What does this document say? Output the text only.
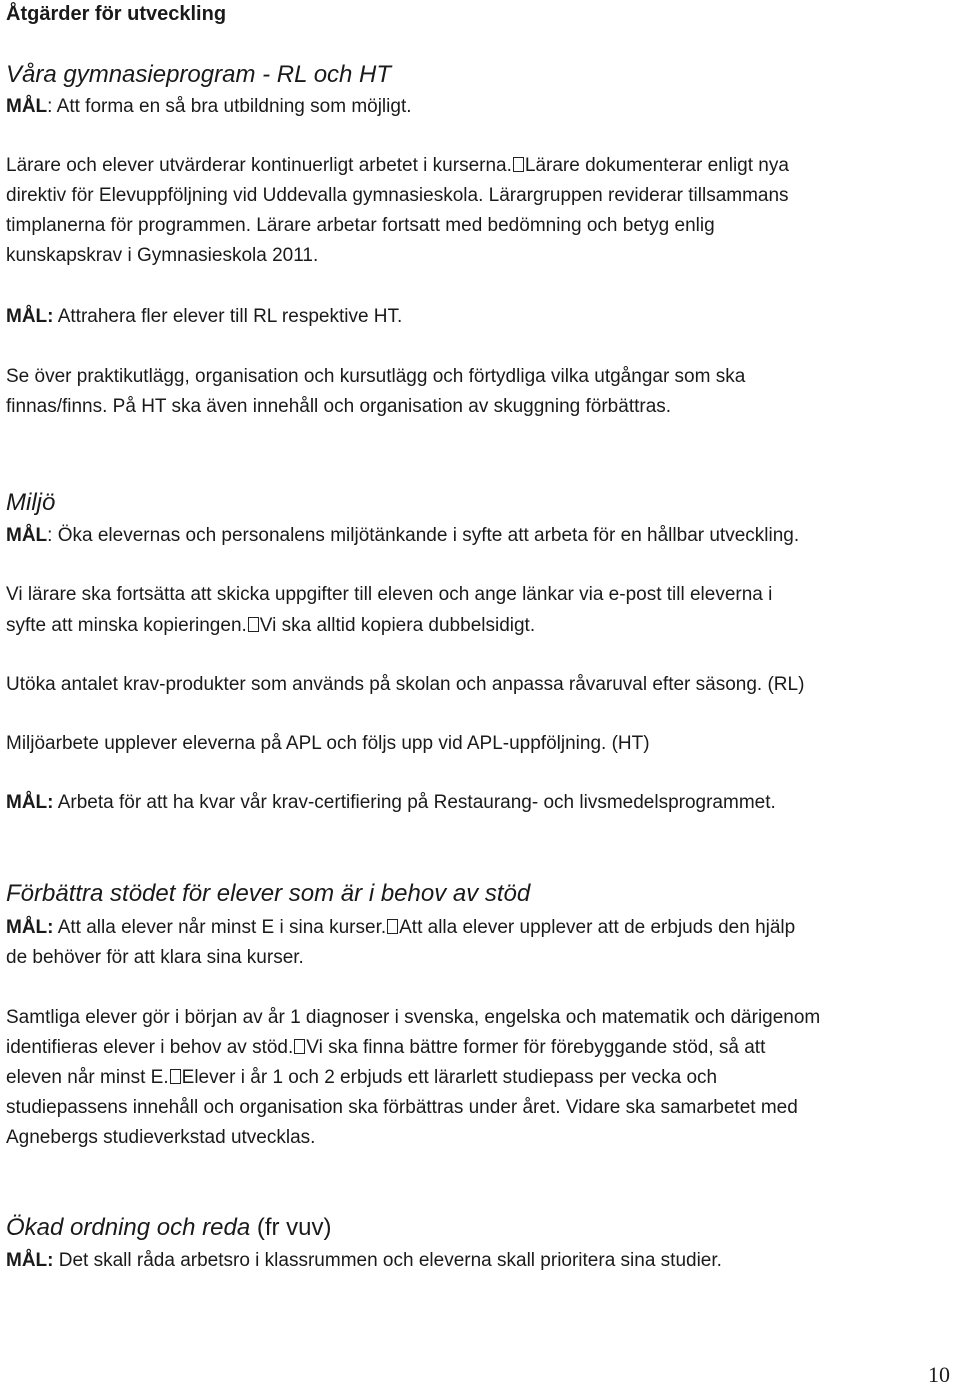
Åtgärder för utveckling
Våra gymnasieprogram - RL och HT

MÅL: Att forma en så bra utbildning som möjligt.

Lärare och elever utvärderar kontinuerligt arbetet i kurserna. Lärare dokumenterar enligt nya

direktiv för Elevuppföljning vid Uddevalla gymnasieskola. Lärargruppen reviderar tillsammans

timplanerna för programmen. Lärare arbetar fortsatt med bedömning och betyg enlig

kunskapskrav i Gymnasieskola 2011.

MÅL: Attrahera fler elever till RL respektive HT.

Se över praktikutlägg, organisation och kursutlägg och förtydliga vilka utgångar som ska

finnas/finns. På HT ska även innehåll och organisation av skuggning förbättras.

Miljö

MÅL: Öka elevernas och personalens miljötänkande i syfte att arbeta för en hållbar utveckling.

Vi lärare ska fortsätta att skicka uppgifter till eleven och ange länkar via e-post till eleverna i

syfte att minska kopieringen. Vi ska alltid kopiera dubbelsidigt.

Utöka antalet krav-produkter som används på skolan och anpassa råvaruval efter säsong. (RL)

Miljöarbete upplever eleverna på APL och följs upp vid APL-uppföljning. (HT)

MÅL: Arbeta för att ha kvar vår krav-certifiering på Restaurang- och livsmedelsprogrammet.

Förbättra stödet för elever som är i behov av stöd

MÅL: Att alla elever når minst E i sina kurser. Att alla elever upplever att de erbjuds den hjälp

de behöver för att klara sina kurser.

Samtliga elever gör i början av år 1 diagnoser i svenska, engelska och matematik och därigenom

identifieras elever i behov av stöd. Vi ska finna bättre former för förebyggande stöd, så att

eleven når minst E. Elever i år 1 och 2 erbjuds ett lärarlett studiepass per vecka och

studiepassens innehåll och organisation ska förbättras under året. Vidare ska samarbetet med

Agnebergs studieverkstad utvecklas.

Ökad ordning och reda (fr vuv)

MÅL: Det skall råda arbetsro i klassrummen och eleverna skall prioritera sina studier.

10
